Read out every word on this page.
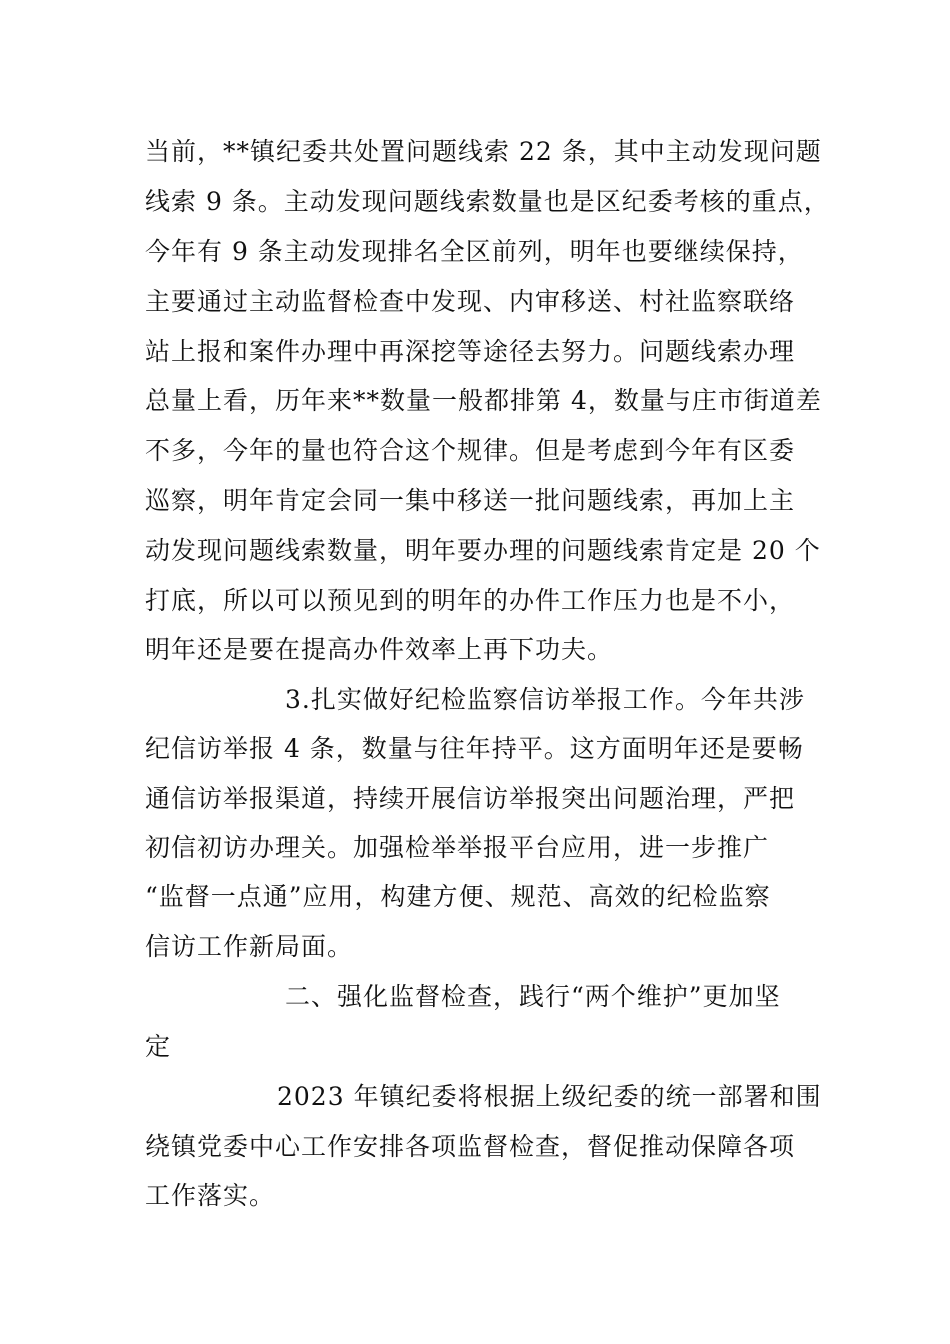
当前，**镇纪委共处置问题线索 22 条，其中主动发现问题
线索 9 条。主动发现问题线索数量也是区纪委考核的重点，
今年有 9 条主动发现排名全区前列，明年也要继续保持，
主要通过主动监督检查中发现、内审移送、村社监察联络
站上报和案件办理中再深挖等途径去努力。问题线索办理
总量上看，历年来**数量一般都排第 4，数量与庄市街道差
不多，今年的量也符合这个规律。但是考虑到今年有区委
巡察，明年肯定会同一集中移送一批问题线索，再加上主
动发现问题线索数量，明年要办理的问题线索肯定是 20 个
打底，所以可以预见到的明年的办件工作压力也是不小，
明年还是要在提高办件效率上再下功夫。
3.扎实做好纪检监察信访举报工作。今年共涉
纪信访举报 4 条，数量与往年持平。这方面明年还是要畅
通信访举报渠道，持续开展信访举报突出问题治理，严把
初信初访办理关。加强检举举报平台应用，进一步推广
“监督一点通”应用，构建方便、规范、高效的纪检监察
信访工作新局面。
二、强化监督检查，践行“两个维护”更加坚
定
2023 年镇纪委将根据上级纪委的统一部署和围
绕镇党委中心工作安排各项监督检查，督促推动保障各项
工作落实。
